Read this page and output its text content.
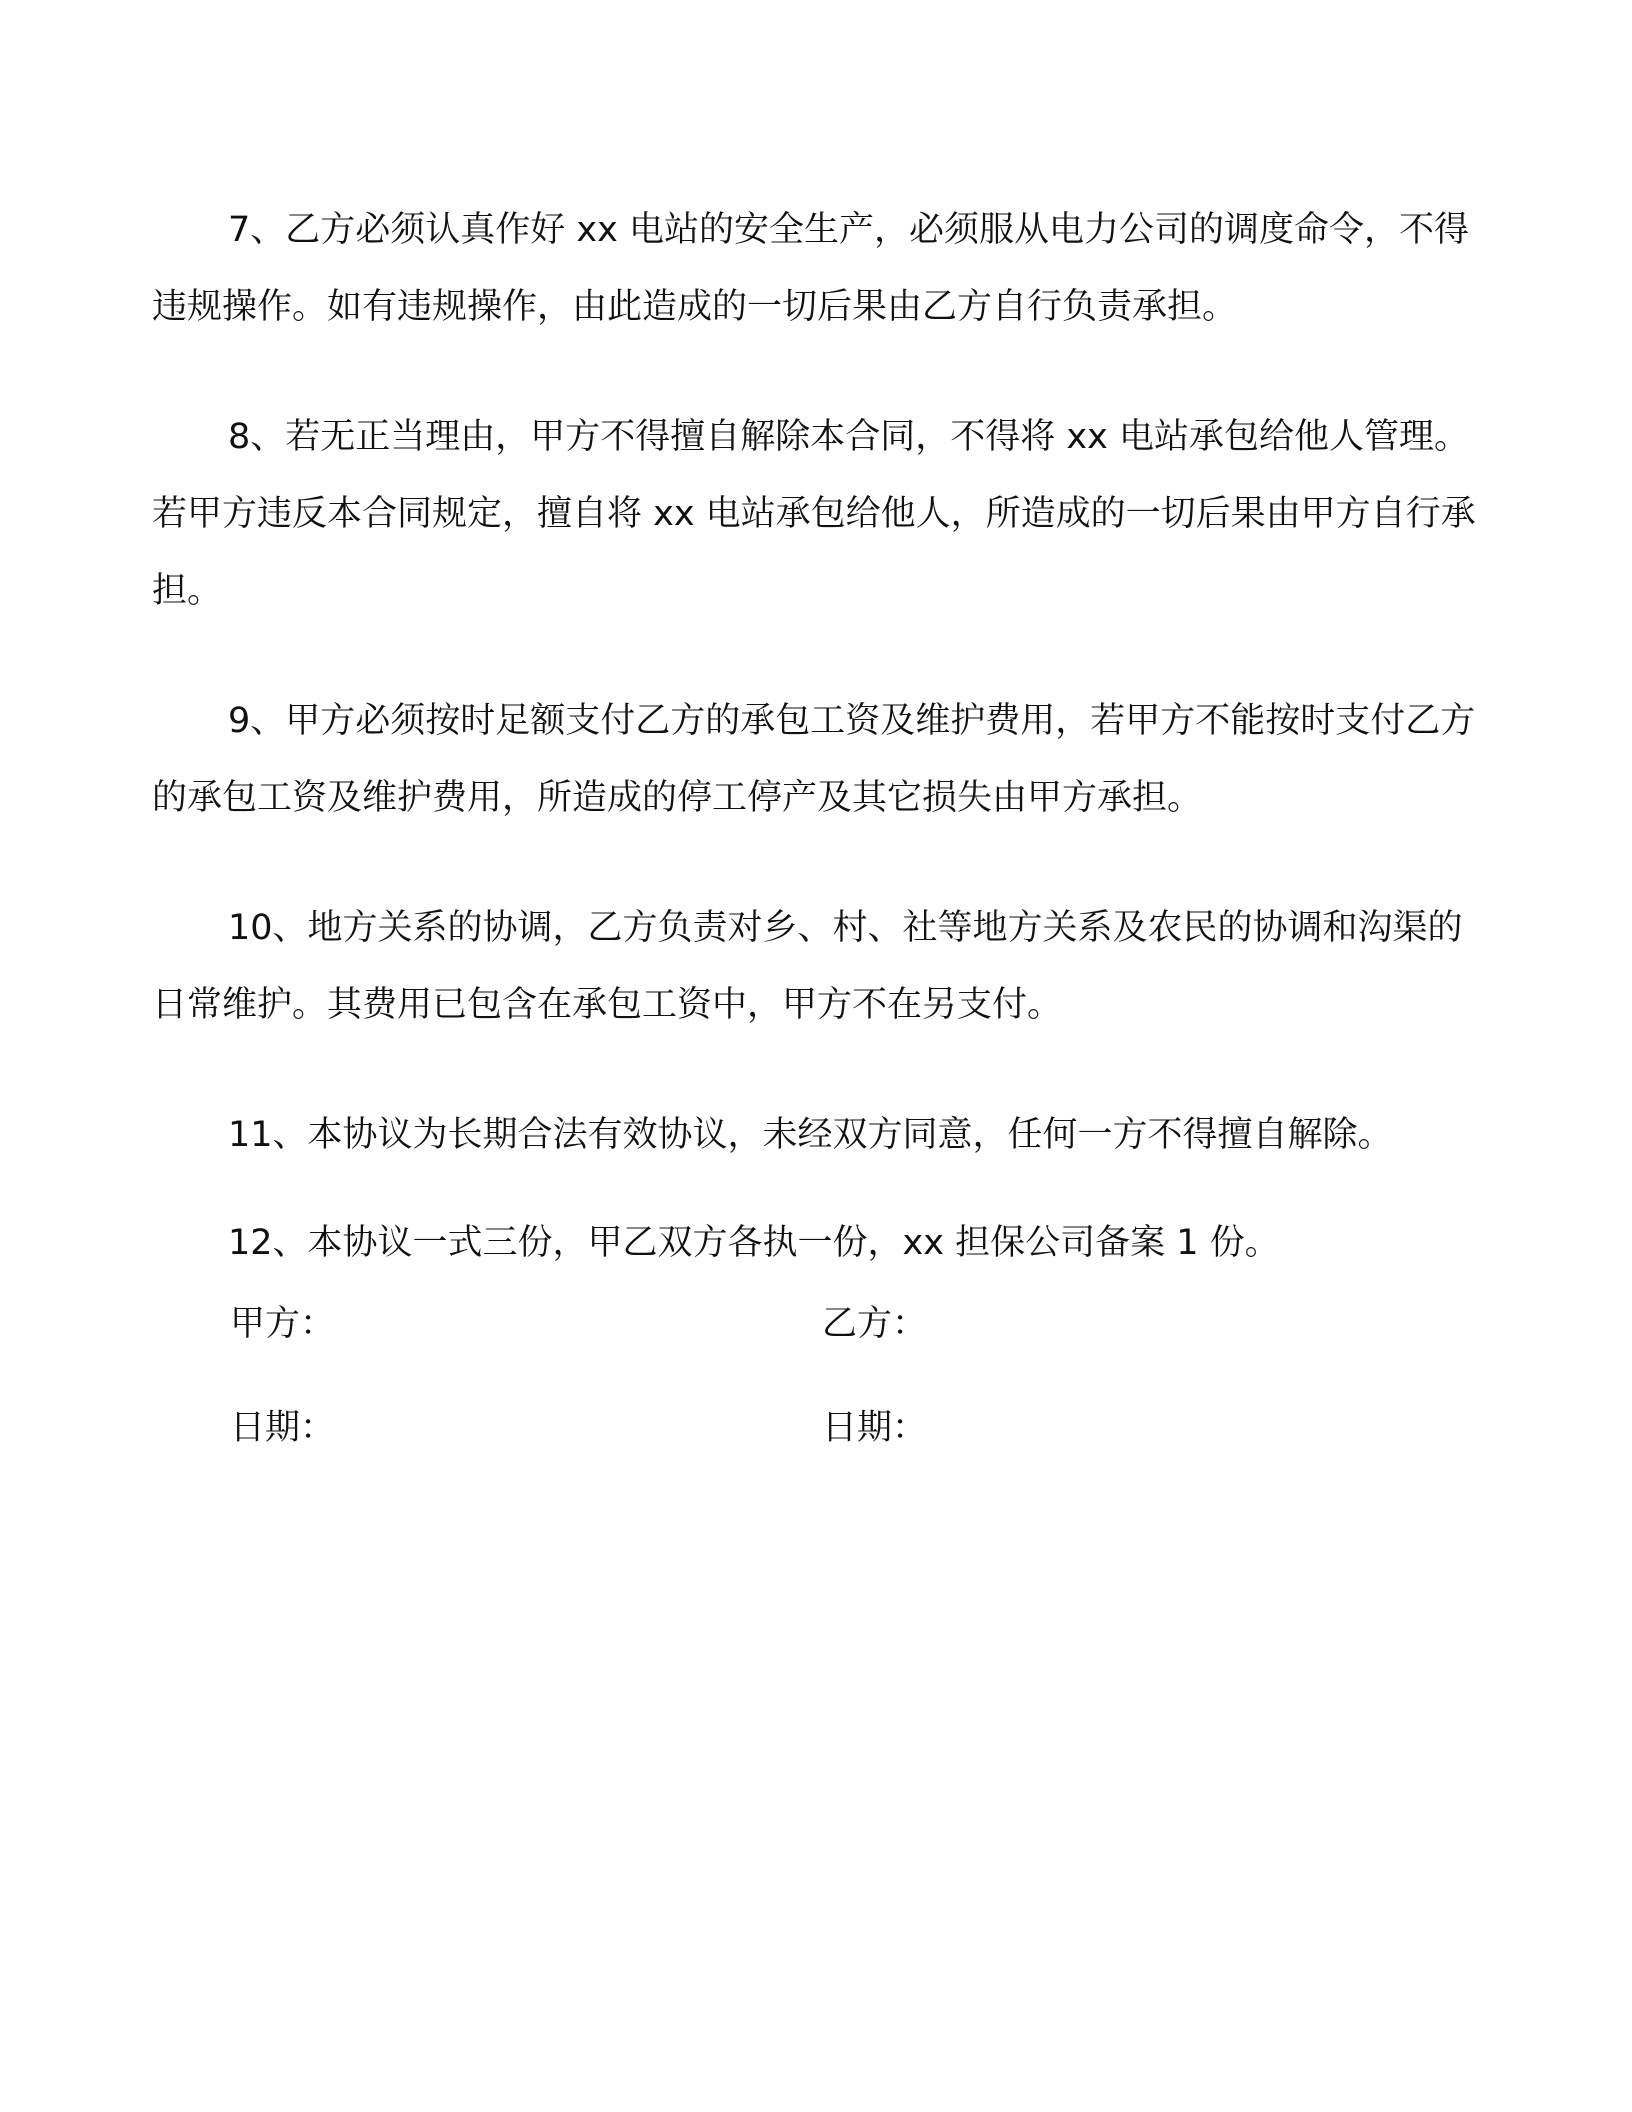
7、乙方必须认真作好 xx 电站的安全生产，必须服从电力公司的调度命令，不得违规操作。如有违规操作，由此造成的一切后果由乙方自行负责承担。

8、若无正当理由，甲方不得擅自解除本合同，不得将 xx 电站承包给他人管理。若甲方违反本合同规定，擅自将 xx 电站承包给他人，所造成的一切后果由甲方自行承担。

9、甲方必须按时足额支付乙方的承包工资及维护费用，若甲方不能按时支付乙方的承包工资及维护费用，所造成的停工停产及其它损失由甲方承担。

10、地方关系的协调，乙方负责对乡、村、社等地方关系及农民的协调和沟渠的日常维护。其费用已包含在承包工资中，甲方不在另支付。

11、本协议为长期合法有效协议，未经双方同意，任何一方不得擅自解除。

12、本协议一式三份，甲乙双方各执一份，xx 担保公司备案 1 份。

甲方：	乙方：
日期：	日期：
